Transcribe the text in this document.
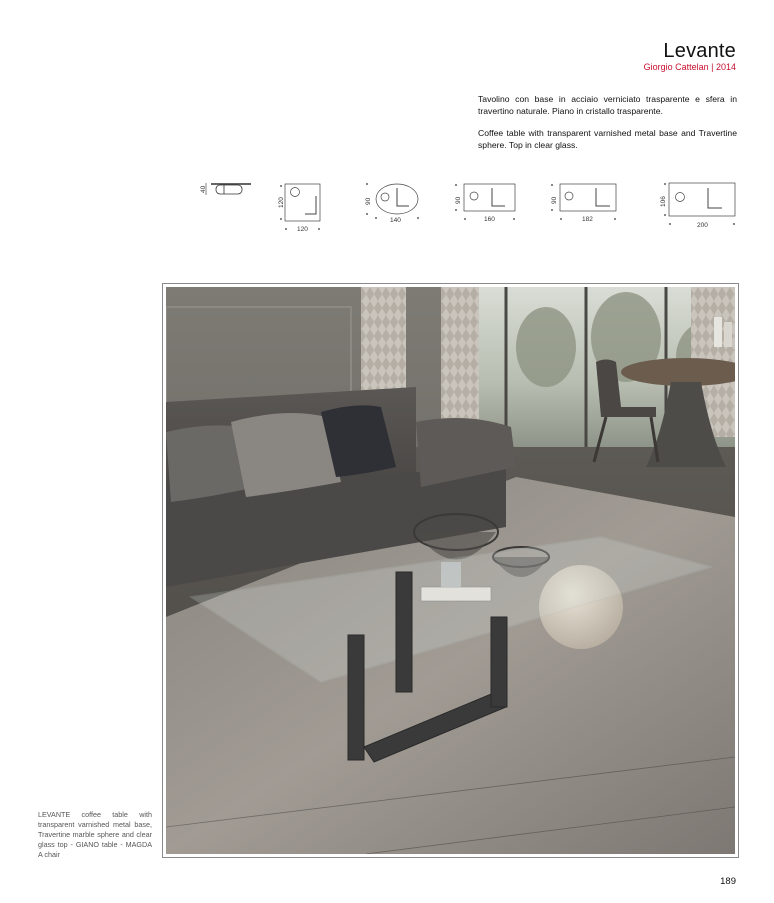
Levante
Giorgio Cattelan | 2014
Tavolino con base in acciaio verniciato trasparente e sfera in travertino naturale. Piano in cristallo trasparente.
Coffee table with transparent varnished metal base and Travertine sphere. Top in clear glass.
40
120
120
90
140
90
160
90
182
106
200
LEVANTE coffee table with transparent varnished metal base, Travertine marble sphere and clear glass top - GIANO table - MAGDA A chair
189
